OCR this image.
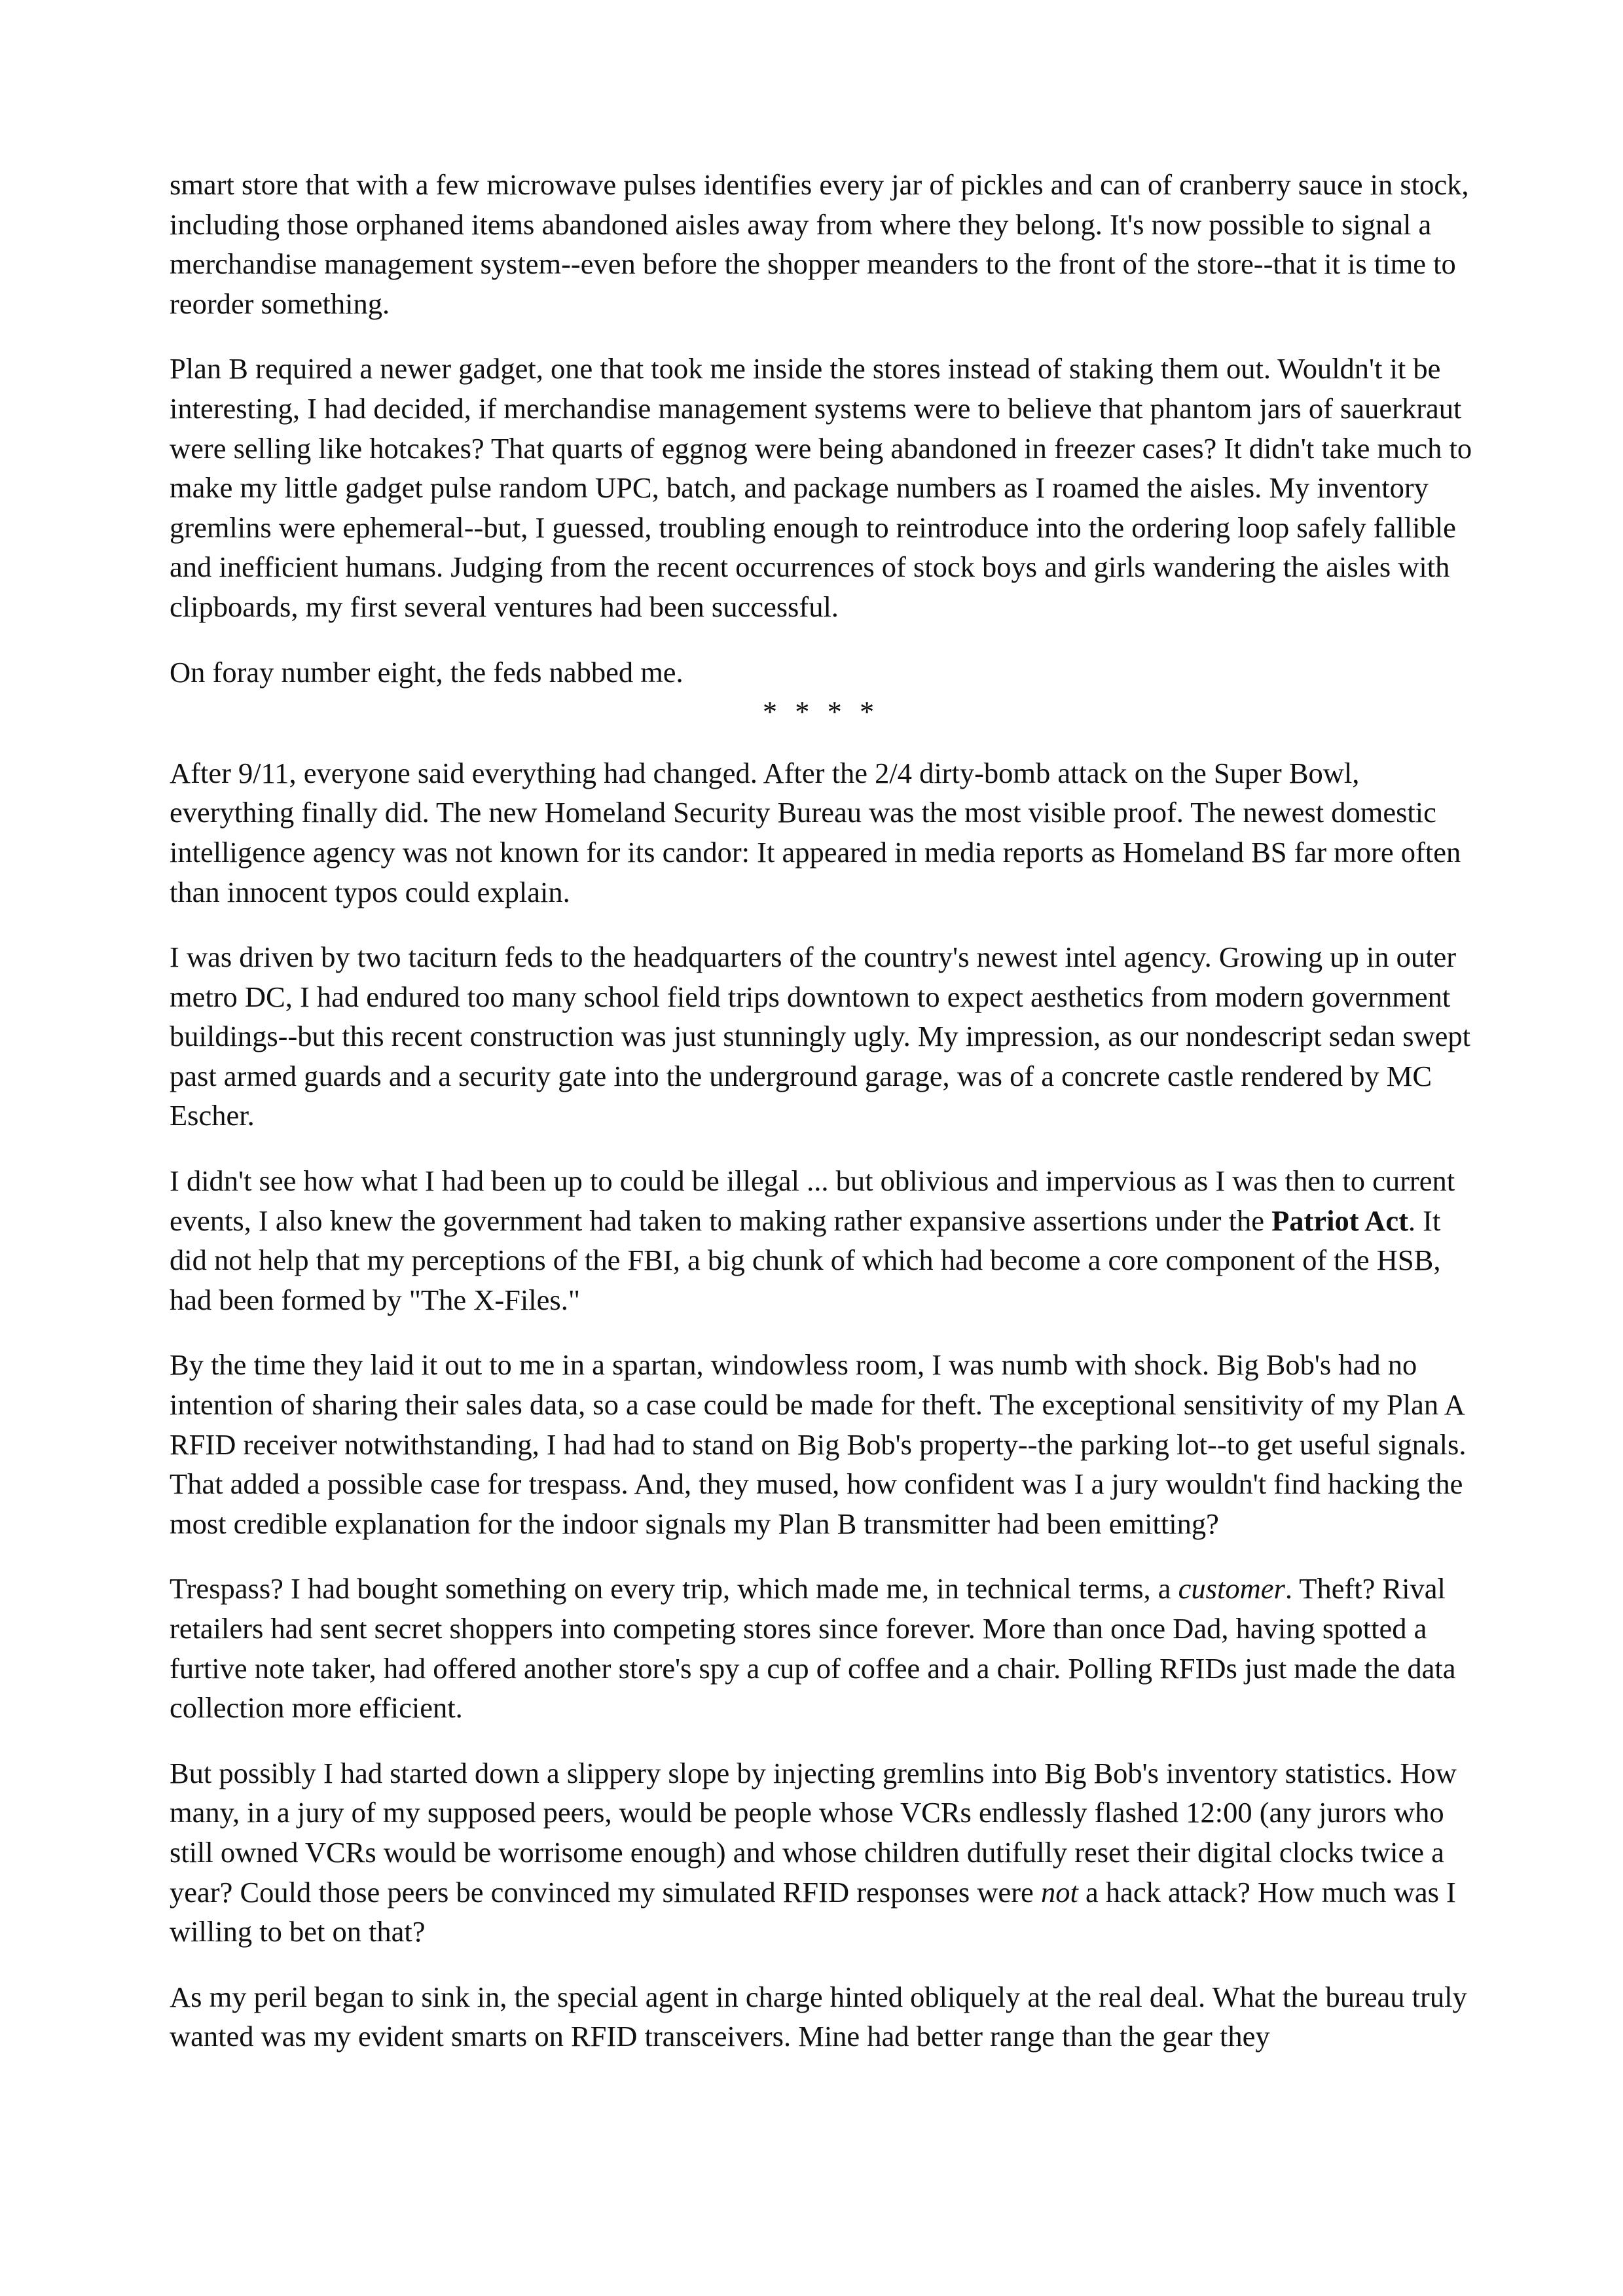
smart store that with a few microwave pulses identifies every jar of pickles and can of cranberry sauce in stock, including those orphaned items abandoned aisles away from where they belong. It's now possible to signal a merchandise management system--even before the shopper meanders to the front of the store--that it is time to reorder something.

Plan B required a newer gadget, one that took me inside the stores instead of staking them out. Wouldn't it be interesting, I had decided, if merchandise management systems were to believe that phantom jars of sauerkraut were selling like hotcakes? That quarts of eggnog were being abandoned in freezer cases? It didn't take much to make my little gadget pulse random UPC, batch, and package numbers as I roamed the aisles. My inventory gremlins were ephemeral--but, I guessed, troubling enough to reintroduce into the ordering loop safely fallible and inefficient humans. Judging from the recent occurrences of stock boys and girls wandering the aisles with clipboards, my first several ventures had been successful.

On foray number eight, the feds nabbed me.

* * * *

After 9/11, everyone said everything had changed. After the 2/4 dirty-bomb attack on the Super Bowl, everything finally did. The new Homeland Security Bureau was the most visible proof. The newest domestic intelligence agency was not known for its candor: It appeared in media reports as Homeland BS far more often than innocent typos could explain.

I was driven by two taciturn feds to the headquarters of the country's newest intel agency. Growing up in outer metro DC, I had endured too many school field trips downtown to expect aesthetics from modern government buildings--but this recent construction was just stunningly ugly. My impression, as our nondescript sedan swept past armed guards and a security gate into the underground garage, was of a concrete castle rendered by MC Escher.

I didn't see how what I had been up to could be illegal ... but oblivious and impervious as I was then to current events, I also knew the government had taken to making rather expansive assertions under the Patriot Act. It did not help that my perceptions of the FBI, a big chunk of which had become a core component of the HSB, had been formed by "The X-Files."

By the time they laid it out to me in a spartan, windowless room, I was numb with shock. Big Bob's had no intention of sharing their sales data, so a case could be made for theft. The exceptional sensitivity of my Plan A RFID receiver notwithstanding, I had had to stand on Big Bob's property--the parking lot--to get useful signals. That added a possible case for trespass. And, they mused, how confident was I a jury wouldn't find hacking the most credible explanation for the indoor signals my Plan B transmitter had been emitting?

Trespass? I had bought something on every trip, which made me, in technical terms, a customer. Theft? Rival retailers had sent secret shoppers into competing stores since forever. More than once Dad, having spotted a furtive note taker, had offered another store's spy a cup of coffee and a chair. Polling RFIDs just made the data collection more efficient.

But possibly I had started down a slippery slope by injecting gremlins into Big Bob's inventory statistics. How many, in a jury of my supposed peers, would be people whose VCRs endlessly flashed 12:00 (any jurors who still owned VCRs would be worrisome enough) and whose children dutifully reset their digital clocks twice a year? Could those peers be convinced my simulated RFID responses were not a hack attack? How much was I willing to bet on that?

As my peril began to sink in, the special agent in charge hinted obliquely at the real deal. What the bureau truly wanted was my evident smarts on RFID transceivers. Mine had better range than the gear they
